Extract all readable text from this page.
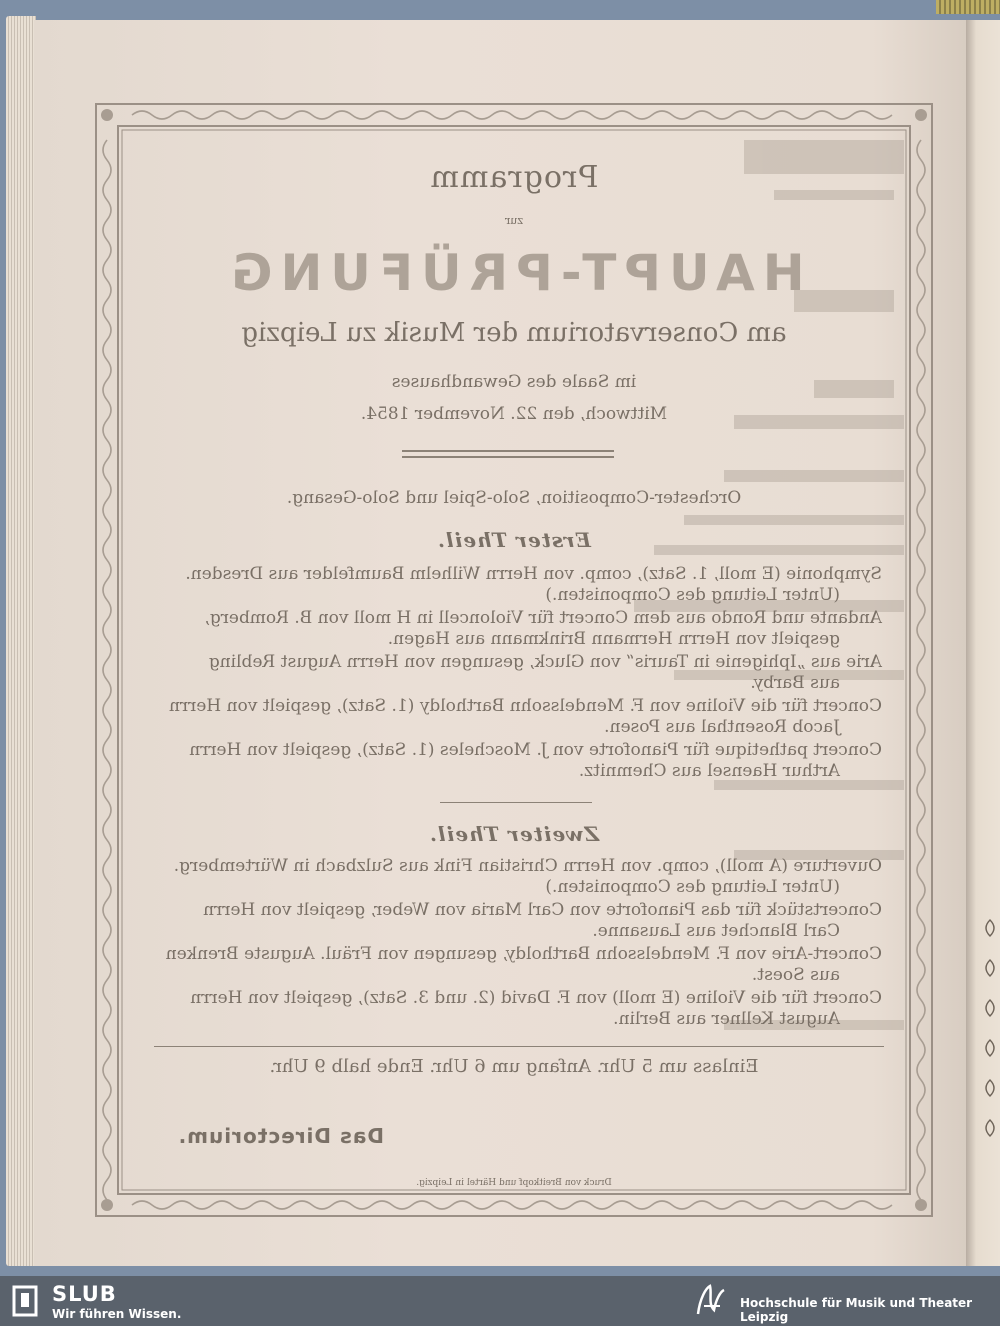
Programm
zur
HAUPT-PRÜFUNG
am Conservatorium der Musik zu Leipzig
im Saale des Gewandhauses
Mittwoch, den 22. November 1854.
Orchester-Composition, Solo-Spiel und Solo-Gesang.
Erster Theil.
Symphonie (E moll, 1. Satz), comp. von Herrn Wilhelm Baumfelder aus Dresden.
(Unter Leitung des Componisten.)
Andante und Rondo aus dem Concert für Violoncell in H moll von B. Romberg,
gespielt von Herrn Hermann Brinkmann aus Hagen.
Arie aus „Iphigenie in Tauris“ von Gluck, gesungen von Herrn August Rebling
aus Barby.
Concert für die Violine von F. Mendelssohn Bartholdy (1. Satz), gespielt von Herrn
Jacob Rosenthal aus Posen.
Concert pathetique für Pianoforte von J. Moscheles (1. Satz), gespielt von Herrn
Arthur Haensel aus Chemnitz.
Zweiter Theil.
Ouverture (A moll), comp. von Herrn Christian Fink aus Sulzbach in Würtemberg.
(Unter Leitung des Componisten.)
Concertstück für das Pianoforte von Carl Maria von Weber, gespielt von Herrn
Carl Blanchet aus Lausanne.
Concert-Arie von F. Mendelssohn Bartholdy, gesungen von Fräul. Auguste Brenken
aus Soest.
Concert für die Violine (E moll) von F. David (2. und 3. Satz), gespielt von Herrn
August Kellner aus Berlin.
Einlass um 5 Uhr. Anfang um 6 Uhr. Ende halb 9 Uhr.
Das Directorium.
Druck von Breitkopf und Härtel in Leipzig.
SLUB
Wir führen Wissen.
Hochschule für Musik und Theater Leipzig
